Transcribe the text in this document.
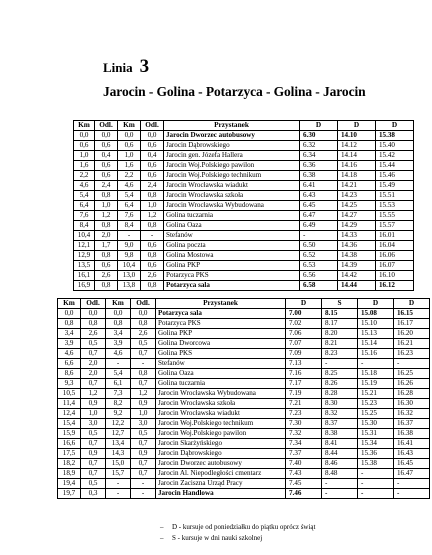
Linia 3
Jarocin - Golina - Potarzyca - Golina - Jarocin
Km	Odl.	Km	Odl.	Przystanek	D	D	D
0,0	0,0	0,0	0,0	Jarocin Dworzec autobusowy	6.30	14.10	15.38
0,6	0,6	0,6	0,6	Jarocin Dąbrowskiego	6.32	14.12	15.40
1,0	0,4	1,0	0,4	Jarocin gen. Józefa Hallera	6.34	14.14	15.42
1,6	0,6	1,6	0,6	Jarocin Woj.Polskiego pawilon	6.36	14.16	15.44
2,2	0,6	2,2	0,6	Jarocin Woj.Polskiego technikum	6.38	14.18	15.46
4,6	2,4	4,6	2,4	Jarocin Wrocławska wiadukt	6.41	14.21	15.49
5,4	0,8	5,4	0,8	Jarocin Wrocławska szkoła	6.43	14.23	15.51
6,4	1,0	6,4	1,0	Jarocin Wrocławska Wybudowana	6.45	14.25	15.53
7,6	1,2	7,6	1,2	Golina tuczarnia	6.47	14.27	15.55
8,4	0,8	8,4	0,8	Golina Oaza	6.49	14.29	15.57
10,4	2,0	-	-	Stefanów	-	14.33	16.01
12,1	1,7	9,0	0,6	Golina poczta	6.50	14.36	16.04
12,9	0,8	9,8	0,8	Golina Mostowa	6.52	14.38	16.06
13,5	0,6	10,4	0,6	Golina PKP	6.53	14.39	16.07
16,1	2,6	13,0	2,6	Potarzyca PKS	6.56	14.42	16.10
16,9	0,8	13,8	0,8	Potarzyca sala	6.58	14.44	16.12
Km	Odl.	Km	Odl.	Przystanek	D	S	D	D
0,0	0,0	0,0	0,0	Potarzyca sala	7.00	8.15	15.08	16.15
0,8	0,8	0,8	0,8	Potarzyca PKS	7.02	8.17	15.10	16.17
3,4	2,6	3,4	2,6	Golina PKP	7.06	8.20	15.13	16.20
3,9	0,5	3,9	0,5	Golina Dworcowa	7.07	8.21	15.14	16.21
4,6	0,7	4,6	0,7	Golina PKS	7.09	8.23	15.16	16.23
6,6	2,0	-	-	Stefanów	7.13	-	-	-
8,6	2,0	5,4	0,8	Golina Oaza	7.16	8.25	15.18	16.25
9,3	0,7	6,1	0,7	Golina tuczarnia	7.17	8.26	15.19	16.26
10,5	1,2	7,3	1,2	Jarocin Wrocławska Wybudowana	7.19	8.28	15.21	16.28
11,4	0,9	8,2	0,9	Jarocin Wrocławska szkoła	7.21	8.30	15.23	16.30
12,4	1,0	9,2	1,0	Jarocin Wrocławska wiadukt	7.23	8.32	15.25	16.32
15,4	3,0	12,2	3,0	Jarocin Woj.Polskiego technikum	7.30	8.37	15.30	16.37
15,9	0,5	12,7	0,5	Jarocin Woj.Polskiego pawilon	7.32	8.38	15.31	16.38
16,6	0,7	13,4	0,7	Jarocin Skarżyńskiego	7.34	8.41	15.34	16.41
17,5	0,9	14,3	0,9	Jarocin Dąbrowskiego	7.37	8.44	15.36	16.43
18,2	0,7	15,0	0,7	Jarocin Dworzec autobusowy	7.40	8.46	15.38	16.45
18,9	0,7	15,7	0,7	Jarocin Al. Niepodległości cmentarz	7.43	8.48	-	16.47
19,4	0,5	-	-	Jarocin Zaciszna Urząd Pracy	7.45	-	-	-
19,7	0,3	-	-	Jarocin Handlowa	7.46	-	-	-
– D - kursuje od poniedziałku do piątku oprócz świąt
– S - kursuje w dni nauki szkolnej
